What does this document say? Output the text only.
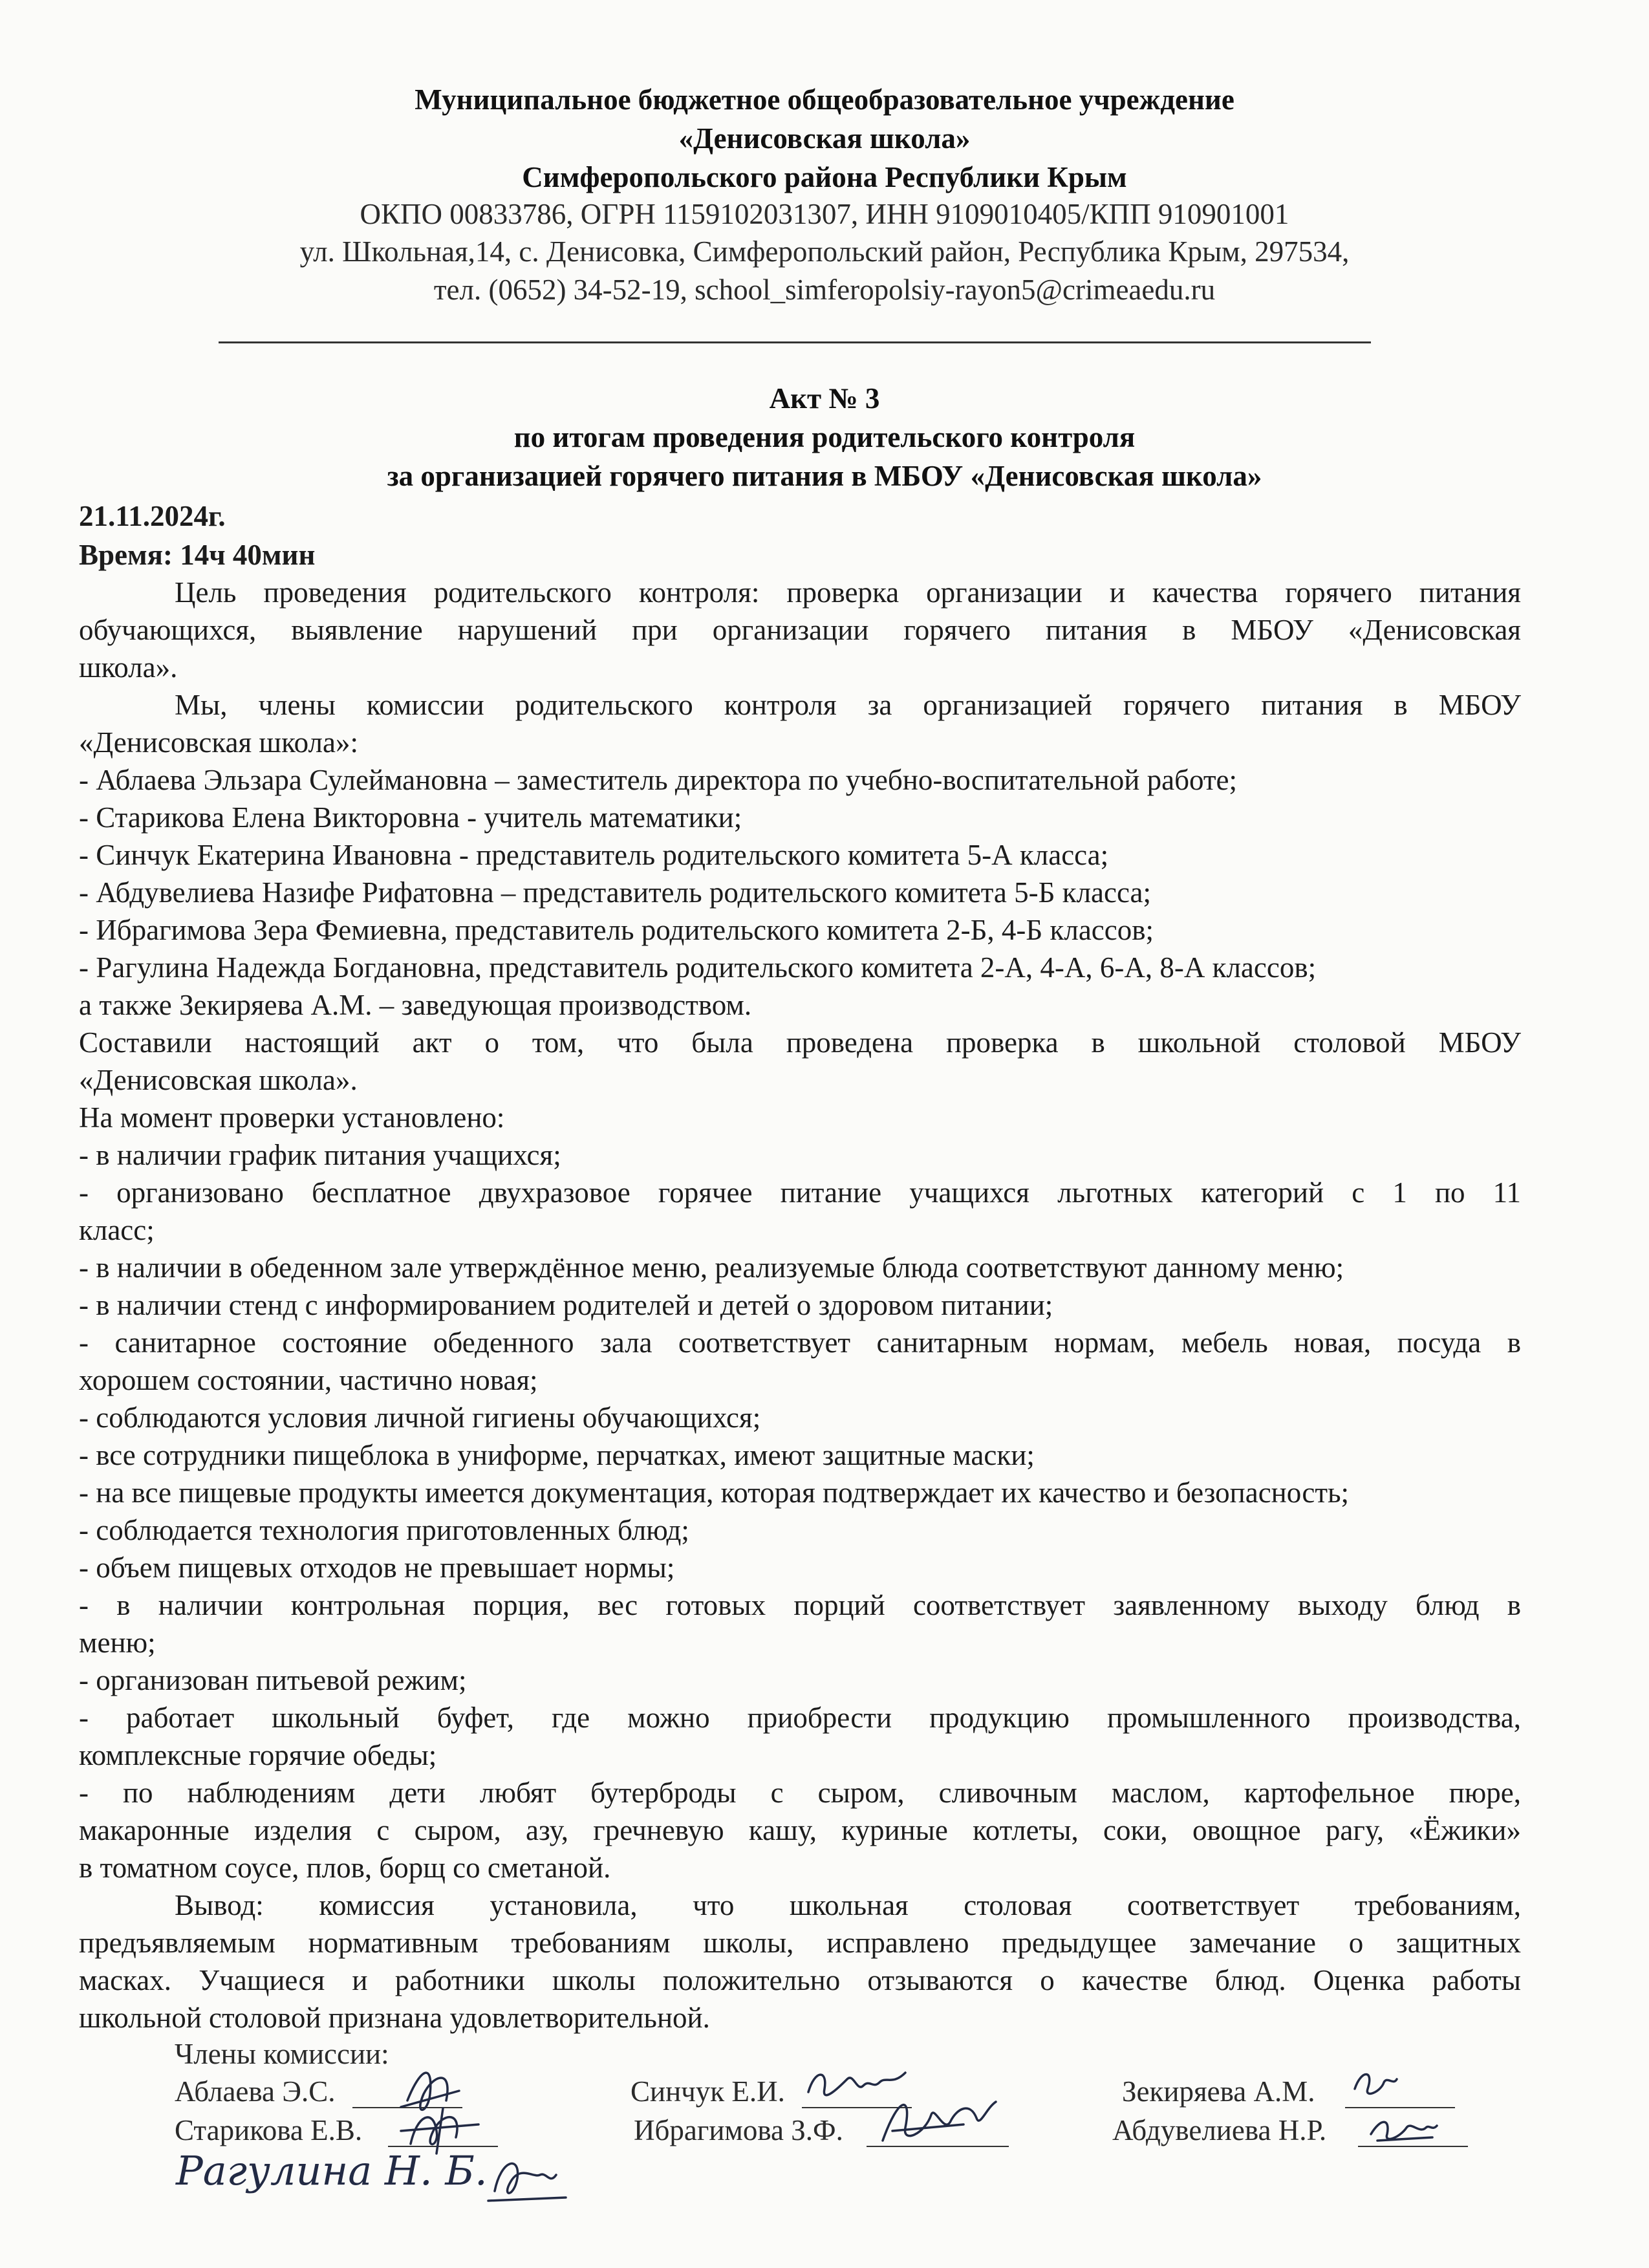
Муниципальное бюджетное общеобразовательное учреждение
«Денисовская школа»
Симферопольского района Республики Крым
ОКПО 00833786, ОГРН 1159102031307, ИНН 9109010405/КПП 910901001
ул. Школьная,14, с. Денисовка, Симферопольский район, Республика Крым, 297534,
тел. (0652) 34-52-19, school_simferopolsiy-rayon5@crimeaedu.ru
Акт № 3
по итогам проведения родительского контроля
за организацией горячего питания в МБОУ «Денисовская школа»
21.11.2024г.
Время: 14ч 40мин
Цель проведения родительского контроля: проверка организации и качества горячего питания
обучающихся, выявление нарушений при организации горячего питания в МБОУ «Денисовская
школа».
Мы, члены комиссии родительского контроля за организацией горячего питания в МБОУ
«Денисовская школа»:
- Аблаева Эльзара Сулеймановна – заместитель директора по учебно-воспитательной работе;
- Старикова Елена Викторовна - учитель математики;
- Синчук Екатерина Ивановна - представитель родительского комитета 5-А класса;
- Абдувелиева Назифе Рифатовна – представитель родительского комитета 5-Б класса;
- Ибрагимова Зера Фемиевна, представитель родительского комитета 2-Б, 4-Б классов;
- Рагулина Надежда Богдановна, представитель родительского комитета 2-А, 4-А, 6-А, 8-А классов;
а также Зекиряева А.М. – заведующая производством.
Составили настоящий акт о том, что была проведена проверка в школьной столовой МБОУ
«Денисовская школа».
На момент проверки установлено:
- в наличии график питания учащихся;
- организовано бесплатное двухразовое горячее питание учащихся льготных категорий с 1 по 11
класс;
- в наличии в обеденном зале утверждённое меню, реализуемые блюда соответствуют данному меню;
- в наличии стенд с информированием родителей и детей о здоровом питании;
- санитарное состояние обеденного зала соответствует санитарным нормам, мебель новая, посуда в
хорошем состоянии, частично новая;
- соблюдаются условия личной гигиены обучающихся;
- все сотрудники пищеблока в униформе, перчатках, имеют защитные маски;
- на все пищевые продукты имеется документация, которая подтверждает их качество и безопасность;
- соблюдается технология приготовленных блюд;
- объем пищевых отходов не превышает нормы;
- в наличии контрольная порция, вес готовых порций соответствует заявленному выходу блюд в
меню;
- организован питьевой режим;
- работает школьный буфет, где можно приобрести продукцию промышленного производства,
комплексные горячие обеды;
- по наблюдениям дети любят бутерброды с сыром, сливочным маслом, картофельное пюре,
макаронные изделия с сыром, азу, гречневую кашу, куриные котлеты, соки, овощное рагу, «Ёжики»
в томатном соусе, плов, борщ со сметаной.
Вывод: комиссия установила, что школьная столовая соответствует требованиям,
предъявляемым нормативным требованиям школы, исправлено предыдущее замечание о защитных
масках. Учащиеся и работники школы положительно отзываются о качестве блюд. Оценка работы
школьной столовой признана удовлетворительной.
Члены комиссии:
Аблаева Э.С.	Синчук Е.И.	Зекиряева А.М.
Старикова Е.В.	Ибрагимова З.Ф.	Абдувелиева Н.Р.
Рагулина Н. Б.
